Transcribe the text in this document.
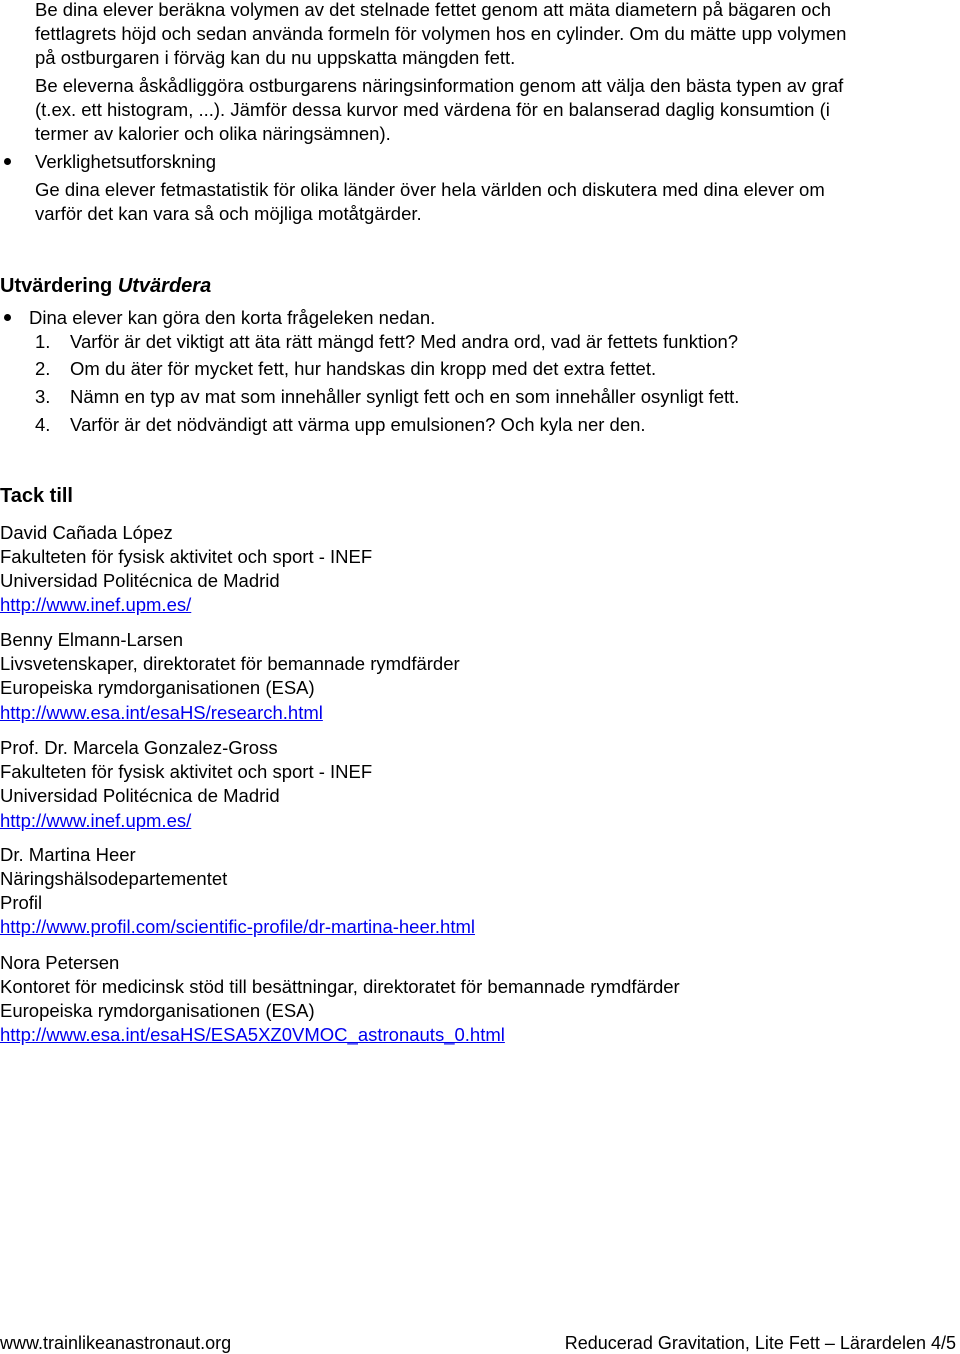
Be dina elever beräkna volymen av det stelnade fettet genom att mäta diametern på bägaren och
fettlagrets höjd och sedan använda formeln för volymen hos en cylinder. Om du mätte upp volymen
på ostburgaren i förväg kan du nu uppskatta mängden fett.
Be eleverna åskådliggöra ostburgarens näringsinformation genom att välja den bästa typen av graf
(t.ex. ett histogram, ...). Jämför dessa kurvor med värdena för en balanserad daglig konsumtion (i
termer av kalorier och olika näringsämnen).
Verklighetsutforskning
Ge dina elever fetmastatistik för olika länder över hela världen och diskutera med dina elever om
varför det kan vara så och möjliga motåtgärder.
Utvärdering Utvärdera
Dina elever kan göra den korta frågeleken nedan.
1. Varför är det viktigt att äta rätt mängd fett? Med andra ord, vad är fettets funktion?
2. Om du äter för mycket fett, hur handskas din kropp med det extra fettet.
3. Nämn en typ av mat som innehåller synligt fett och en som innehåller osynligt fett.
4. Varför är det nödvändigt att värma upp emulsionen? Och kyla ner den.
Tack till
David Cañada López
Fakulteten för fysisk aktivitet och sport - INEF
Universidad Politécnica de Madrid
http://www.inef.upm.es/
Benny Elmann-Larsen
Livsvetenskaper, direktoratet för bemannade rymdfärder
Europeiska rymdorganisationen (ESA)
http://www.esa.int/esaHS/research.html
Prof. Dr. Marcela Gonzalez-Gross
Fakulteten för fysisk aktivitet och sport - INEF
Universidad Politécnica de Madrid
http://www.inef.upm.es/
Dr. Martina Heer
Näringshälsodepartementet
Profil
http://www.profil.com/scientific-profile/dr-martina-heer.html
Nora Petersen
Kontoret för medicinsk stöd till besättningar, direktoratet för bemannade rymdfärder
Europeiska rymdorganisationen (ESA)
http://www.esa.int/esaHS/ESA5XZ0VMOC_astronauts_0.html
www.trainlikeanastronaut.org	Reducerad Gravitation, Lite Fett – Lärardelen 4/5
